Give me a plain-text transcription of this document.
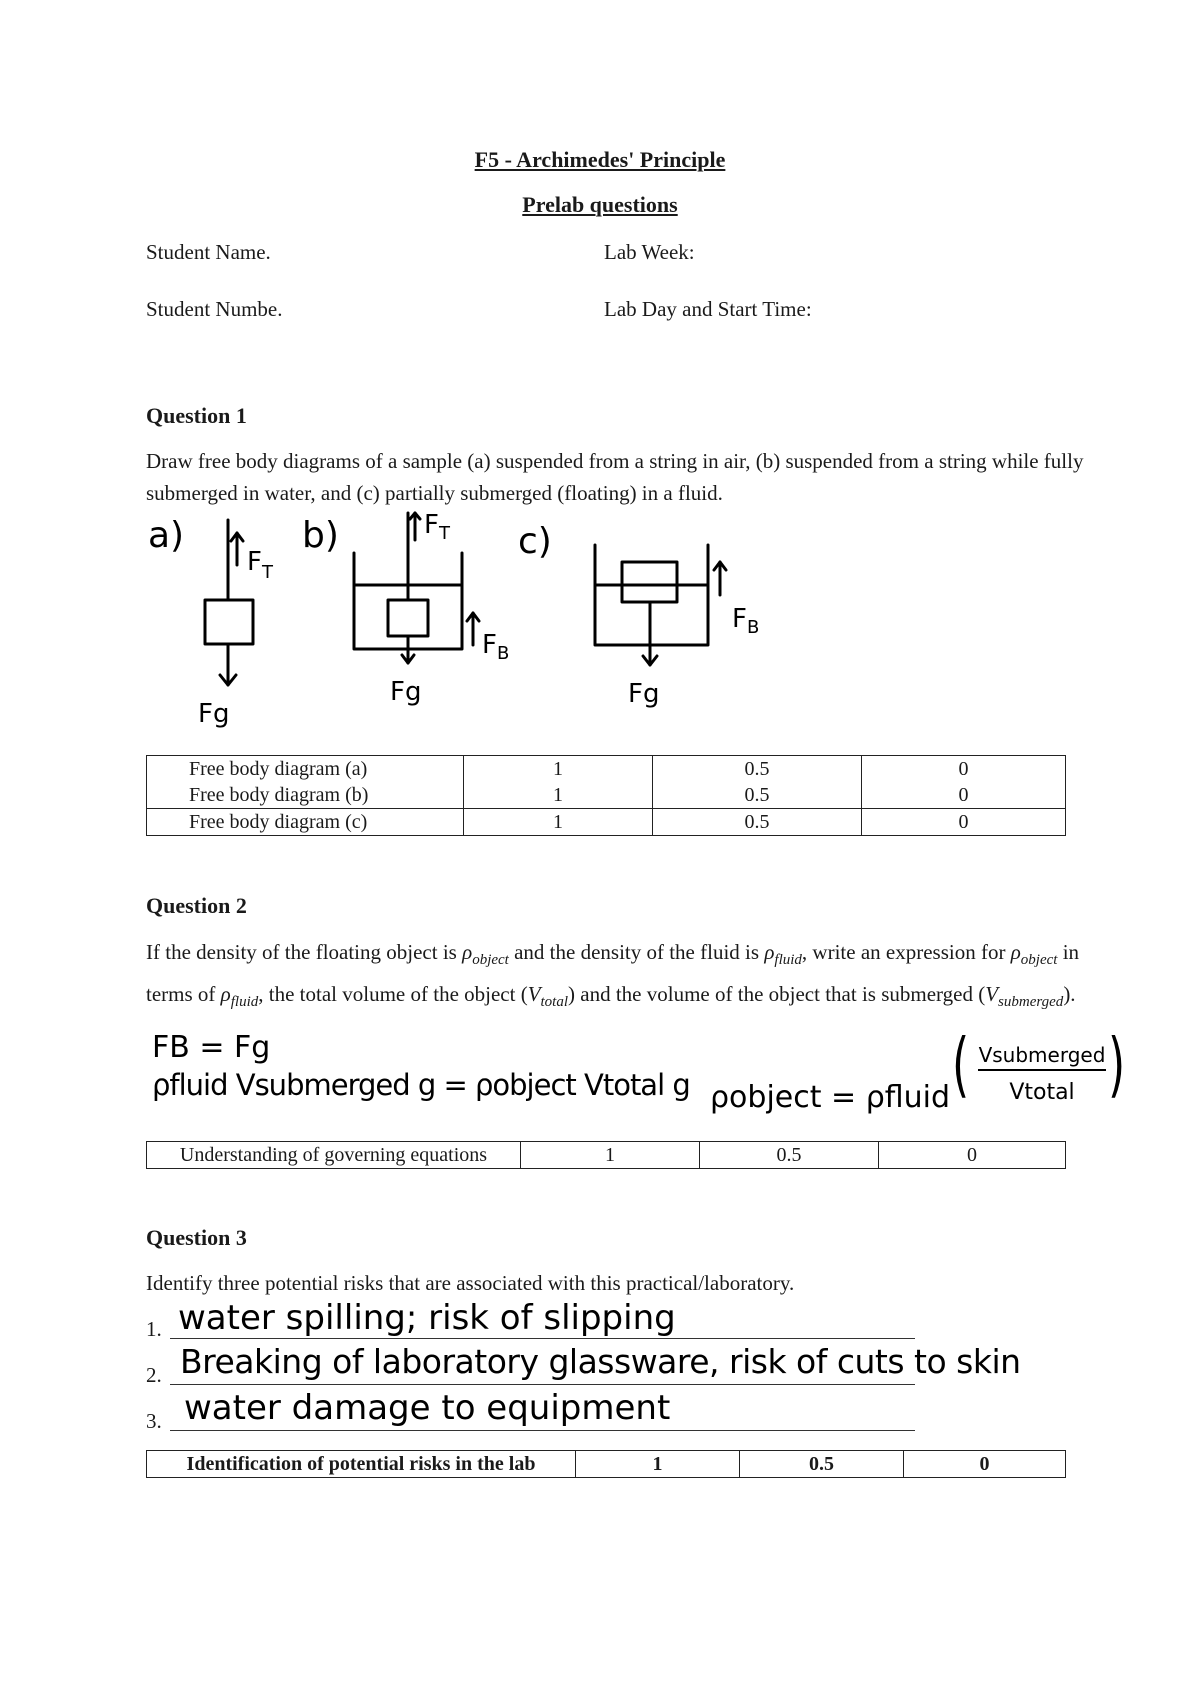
F5 - Archimedes' Principle
Prelab questions
Student Name.	Lab Week:
Student Numbe.	Lab Day and Start Time:
Question 1
Draw free body diagrams of a sample (a) suspended from a string in air, (b) suspended from a string while fully submerged in water, and (c) partially submerged (floating) in a fluid.
a)	b)	c)
$F_T$
$F_T$
$F_B$
$F_B$
Fg
Fg	Fg
Free body diagram (a)	1	0.5	0
Free body diagram (b)	1	0.5	0
Free body diagram (c)	1	0.5	0
Question 2
If the density of the floating object is $\rho_{object}$ and the density of the fluid is $\rho_{fluid}$, write an expression for $\rho_{object}$ in terms of $\rho_{fluid}$, the total volume of the object $(V_{total})$ and the volume of the object that is submerged $(V_{submerged})$.
FB = Fg
ρfluid Vsubmerged g = ρobject Vtotal g ρobject = ρfluid ( Vsubmerged
Vtotal )
Understanding of governing equations	1	0.5	0
Question 3
Identify three potential risks that are associated with this practical/laboratory.
1. water spilling; risk of slipping
2. Breaking of laboratory glassware, risk of cuts to skin
3. water damage to equipment
Identification of potential risks in the lab	1	0.5	0
